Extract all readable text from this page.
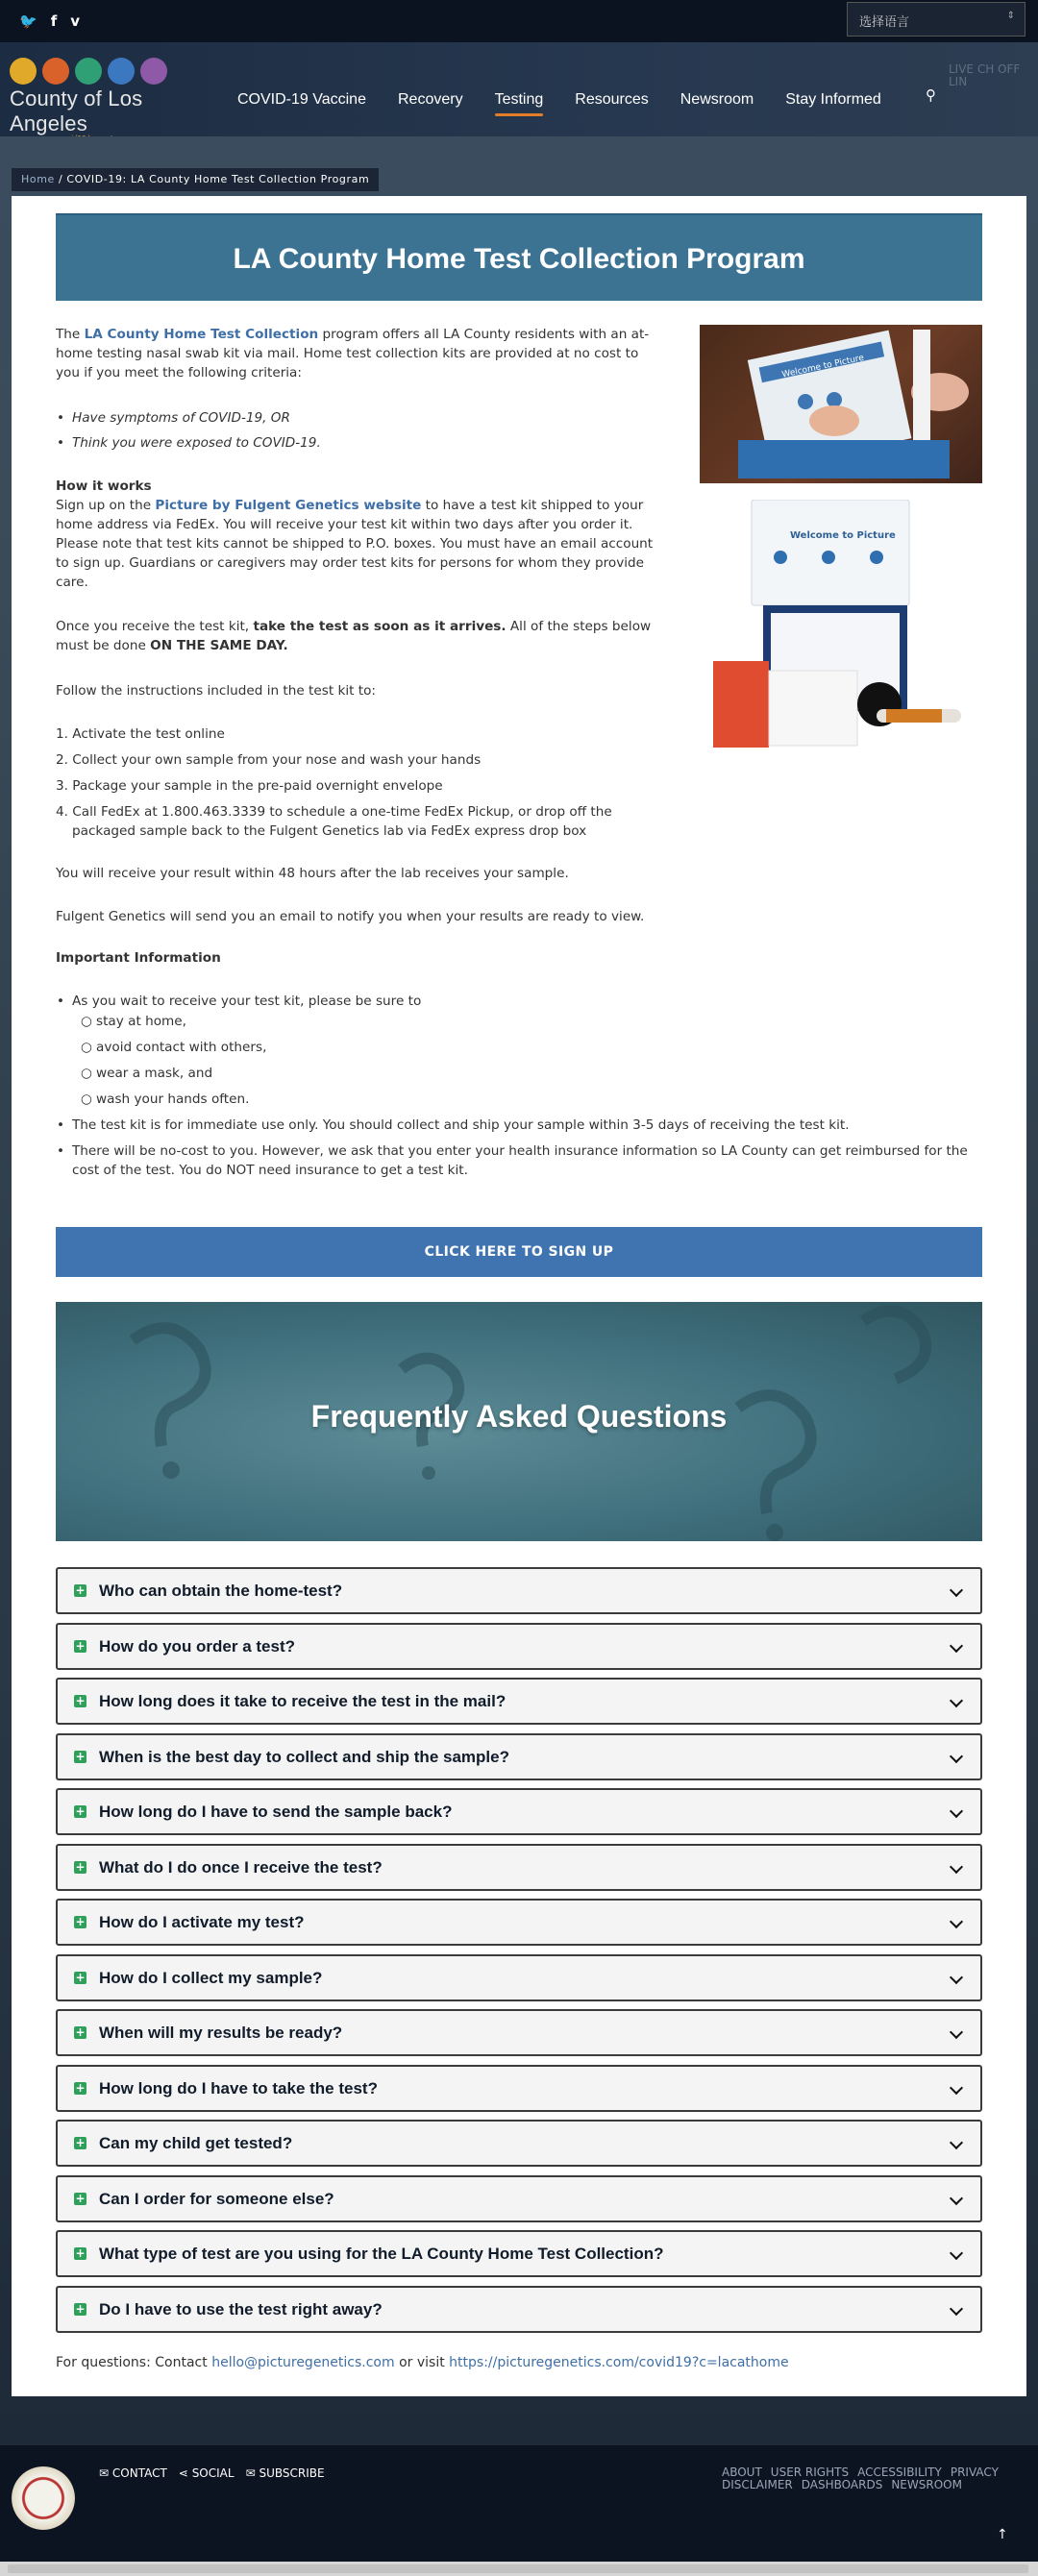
🐦 f v	选择语言	⇕
County of Los Angeles
COVID-19 Vaccine Recovery Testing Resources Newsroom Stay Informed	⚲
LIVE CH OFF LIN
Home / COVID-19: LA County Home Test Collection Program
LA County Home Test Collection Program
The LA County Home Test Collection program offers all LA County residents with an at-home testing nasal swab kit via mail. Home test collection kits are provided at no cost to you if you meet the following criteria:
• Have symptoms of COVID-19, OR
• Think you were exposed to COVID-19.
How it works
Sign up on the Picture by Fulgent Genetics website to have a test kit shipped to your home address via FedEx. You will receive your test kit within two days after you order it. Please note that test kits cannot be shipped to P.O. boxes. You must have an email account to sign up. Guardians or caregivers may order test kits for persons for whom they provide care.
Once you receive the test kit, take the test as soon as it arrives. All of the steps below must be done ON THE SAME DAY.
Follow the instructions included in the test kit to:
1. Activate the test online
2. Collect your own sample from your nose and wash your hands
3. Package your sample in the pre-paid overnight envelope
4. Call FedEx at 1.800.463.3339 to schedule a one-time FedEx Pickup, or drop off the packaged sample back to the Fulgent Genetics lab via FedEx express drop box
You will receive your result within 48 hours after the lab receives your sample.
Fulgent Genetics will send you an email to notify you when your results are ready to view.
Important Information
• As you wait to receive your test kit, please be sure to
○ stay at home,
○ avoid contact with others,
○ wear a mask, and
○ wash your hands often.
• The test kit is for immediate use only. You should collect and ship your sample within 3-5 days of receiving the test kit.
• There will be no-cost to you. However, we ask that you enter your health insurance information so LA County can get reimbursed for the cost of the test. You do NOT need insurance to get a test kit.
Welcome to Picture
Welcome to Picture
CLICK HERE TO SIGN UP
Frequently Asked Questions
+ Who can obtain the home-test?
+ How do you order a test?
+ How long does it take to receive the test in the mail?
+ When is the best day to collect and ship the sample?
+ How long do I have to send the sample back?
+ What do I do once I receive the test?
+ How do I activate my test?
+ How do I collect my sample?
+ When will my results be ready?
+ How long do I have to take the test?
+ Can my child get tested?
+ Can I order for someone else?
+ What type of test are you using for the LA County Home Test Collection?
+ Do I have to use the test right away?
For questions: Contact hello@picturegenetics.com or visit https://picturegenetics.com/covid19?c=lacathome
✉ CONTACT ⋖ SOCIAL ✉ SUBSCRIBE	ABOUT USER RIGHTS ACCESSIBILITY PRIVACY
DISCLAIMER DASHBOARDS NEWSROOM
↑
